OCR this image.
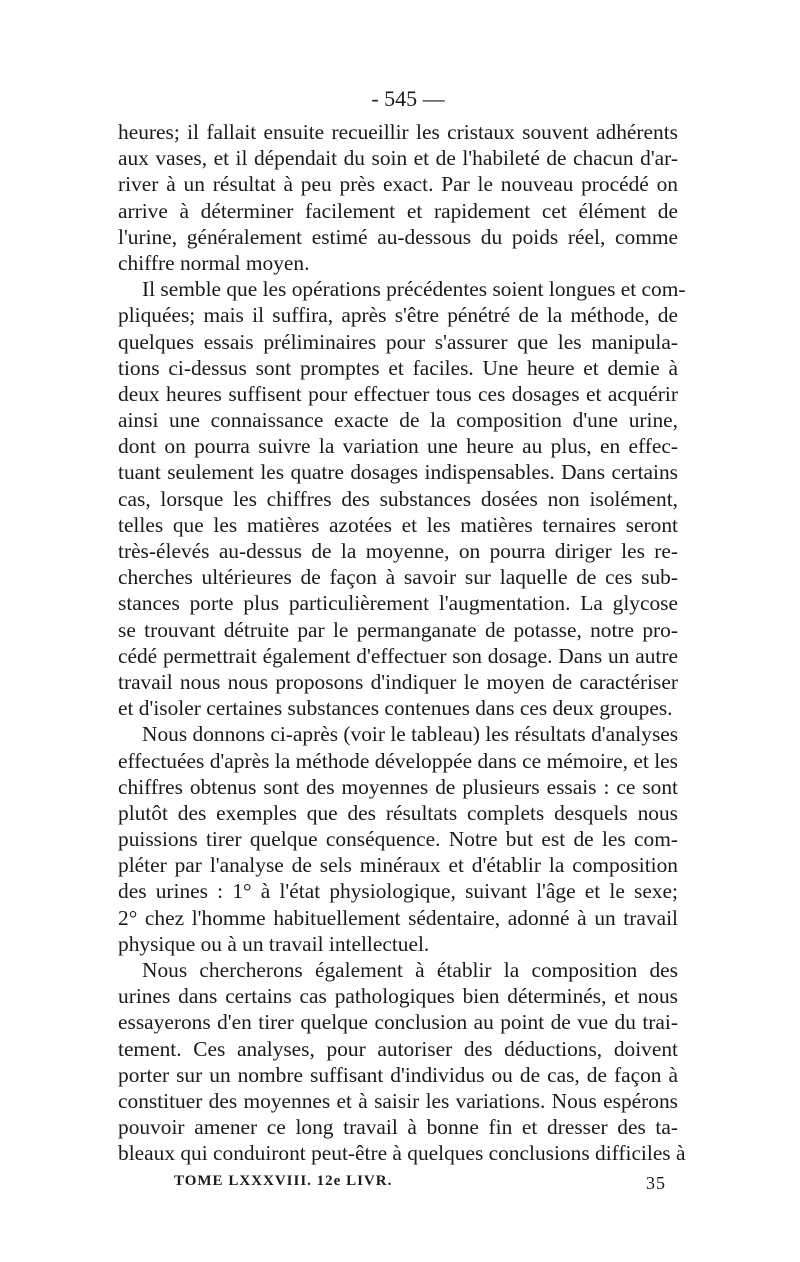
- 545 —
heures; il fallait ensuite recueillir les cristaux souvent adhérents
aux vases, et il dépendait du soin et de l'habileté de chacun d'ar-
river à un résultat à peu près exact. Par le nouveau procédé on
arrive à déterminer facilement et rapidement cet élément de
l'urine, généralement estimé au-dessous du poids réel, comme
chiffre normal moyen.
Il semble que les opérations précédentes soient longues et com-
pliquées; mais il suffira, après s'être pénétré de la méthode, de
quelques essais préliminaires pour s'assurer que les manipula-
tions ci-dessus sont promptes et faciles. Une heure et demie à
deux heures suffisent pour effectuer tous ces dosages et acquérir
ainsi une connaissance exacte de la composition d'une urine,
dont on pourra suivre la variation une heure au plus, en effec-
tuant seulement les quatre dosages indispensables. Dans certains
cas, lorsque les chiffres des substances dosées non isolément,
telles que les matières azotées et les matières ternaires seront
très-élevés au-dessus de la moyenne, on pourra diriger les re-
cherches ultérieures de façon à savoir sur laquelle de ces sub-
stances porte plus particulièrement l'augmentation. La glycose
se trouvant détruite par le permanganate de potasse, notre pro-
cédé permettrait également d'effectuer son dosage. Dans un autre
travail nous nous proposons d'indiquer le moyen de caractériser
et d'isoler certaines substances contenues dans ces deux groupes.
Nous donnons ci-après (voir le tableau) les résultats d'analyses
effectuées d'après la méthode développée dans ce mémoire, et les
chiffres obtenus sont des moyennes de plusieurs essais : ce sont
plutôt des exemples que des résultats complets desquels nous
puissions tirer quelque conséquence. Notre but est de les com-
pléter par l'analyse de sels minéraux et d'établir la composition
des urines : 1° à l'état physiologique, suivant l'âge et le sexe;
2° chez l'homme habituellement sédentaire, adonné à un travail
physique ou à un travail intellectuel.
Nous chercherons également à établir la composition des
urines dans certains cas pathologiques bien déterminés, et nous
essayerons d'en tirer quelque conclusion au point de vue du trai-
tement. Ces analyses, pour autoriser des déductions, doivent
porter sur un nombre suffisant d'individus ou de cas, de façon à
constituer des moyennes et à saisir les variations. Nous espérons
pouvoir amener ce long travail à bonne fin et dresser des ta-
bleaux qui conduiront peut-être à quelques conclusions difficiles à
TOME LXXXVIII. 12e LIVR.	35
